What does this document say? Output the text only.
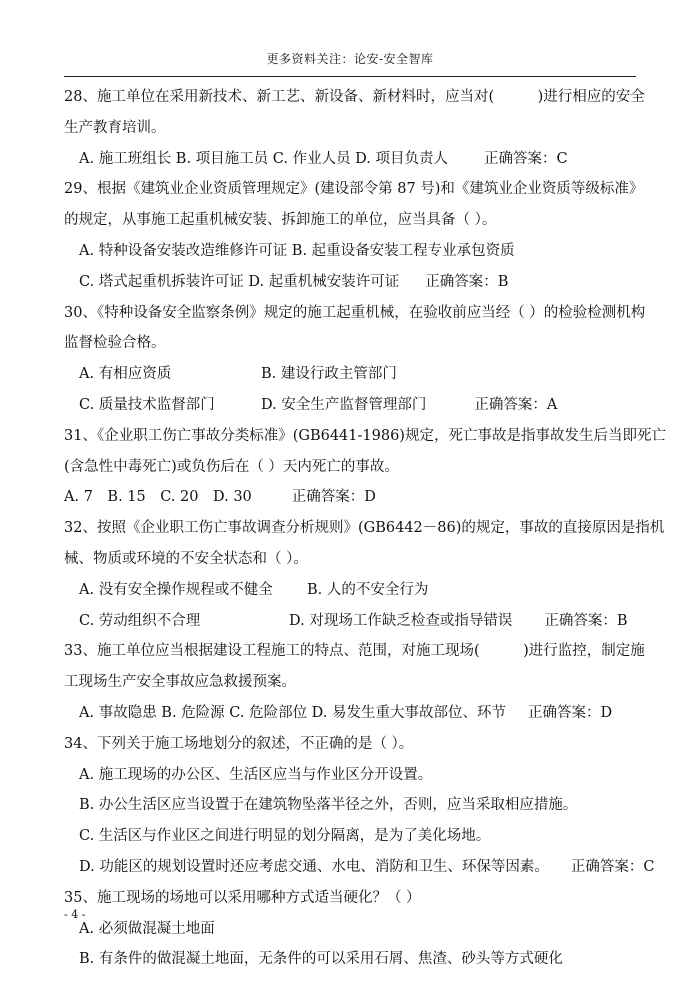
更多资料关注：论安-安全智库
28、施工单位在采用新技术、新工艺、新设备、新材料时，应当对(　　　)进行相应的安全
生产教育培训。
A. 施工班组长 B. 项目施工员 C. 作业人员 D. 项目负责人 正确答案：C
29、根据《建筑业企业资质管理规定》(建设部令第 87 号)和《建筑业企业资质等级标准》
的规定，从事施工起重机械安装、拆卸施工的单位，应当具备（ ）。
A. 特种设备安装改造维修许可证 B. 起重设备安装工程专业承包资质
C. 塔式起重机拆装许可证 D. 起重机械安装许可证 正确答案：B
30、《特种设备安全监察条例》规定的施工起重机械，在验收前应当经（ ）的检验检测机构
监督检验合格。
A. 有相应资质	B. 建设行政主管部门
C. 质量技术监督部门	D. 安全生产监督管理部门	正确答案：A
31、《企业职工伤亡事故分类标准》(GB6441-1986)规定，死亡事故是指事故发生后当即死亡
(含急性中毒死亡)或负伤后在（ ）天内死亡的事故。
A. 7　B. 15　C. 20　D. 30	正确答案：D
32、按照《企业职工伤亡事故调查分析规则》(GB6442－86)的规定，事故的直接原因是指机
械、物质或环境的不安全状态和（ ）。
A. 没有安全操作规程或不健全 B. 人的不安全行为
C. 劳动组织不合理	D. 对现场工作缺乏检查或指导错误 正确答案：B
33、施工单位应当根据建设工程施工的特点、范围，对施工现场(　　　)进行监控，制定施
工现场生产安全事故应急救援预案。
A. 事故隐患 B. 危险源 C. 危险部位 D. 易发生重大事故部位、环节 正确答案：D
34、下列关于施工场地划分的叙述，不正确的是（ ）。
A. 施工现场的办公区、生活区应当与作业区分开设置。
B. 办公生活区应当设置于在建筑物坠落半径之外，否则，应当采取相应措施。
C. 生活区与作业区之间进行明显的划分隔离，是为了美化场地。
D. 功能区的规划设置时还应考虑交通、水电、消防和卫生、环保等因素。 正确答案：C
35、施工现场的场地可以采用哪种方式适当硬化？（ ）
A. 必须做混凝土地面
B. 有条件的做混凝土地面，无条件的可以采用石屑、焦渣、砂头等方式硬化
- 4 -
